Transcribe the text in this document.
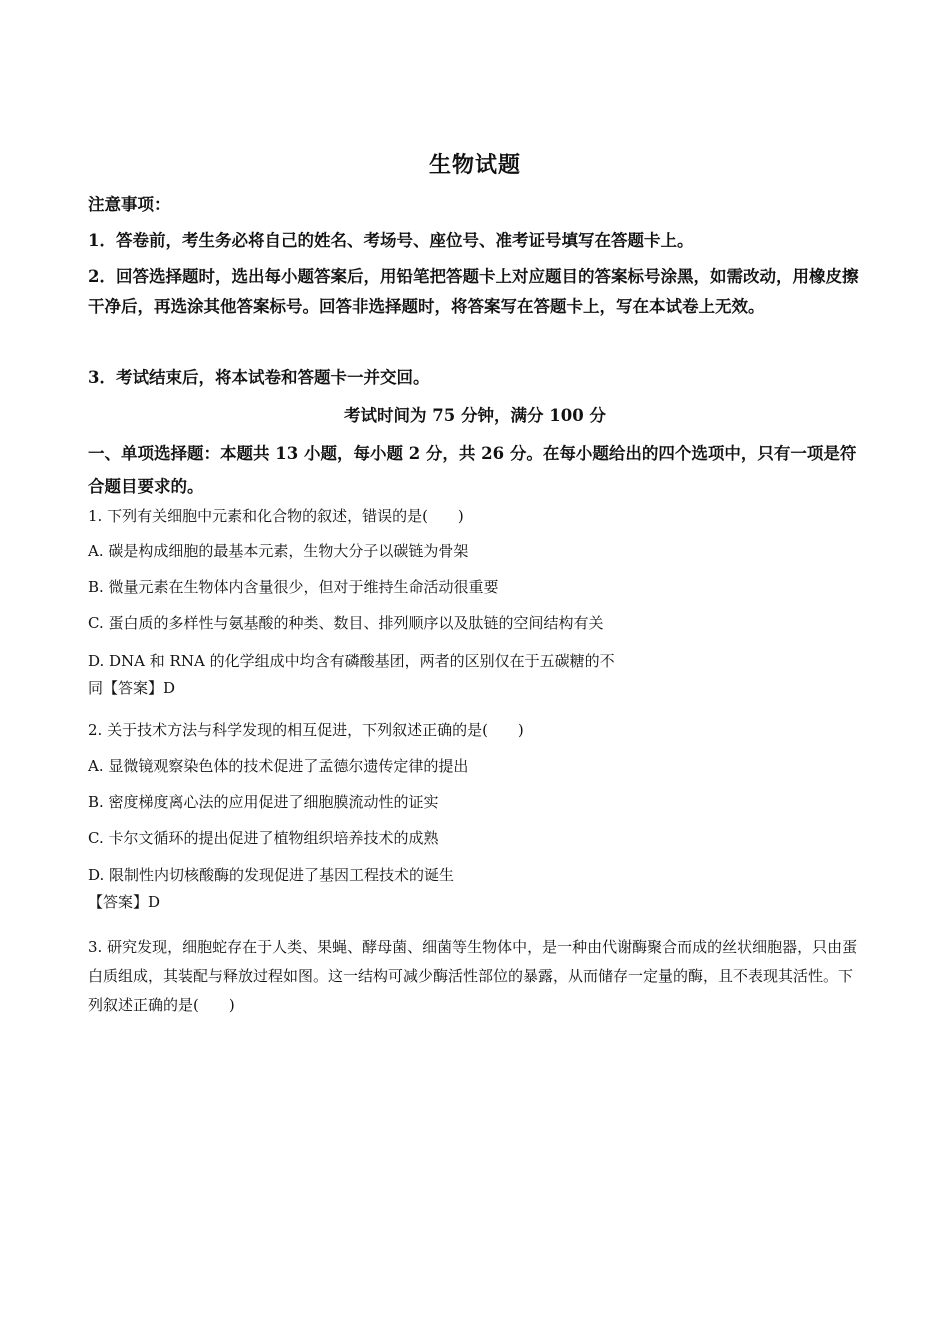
生物试题
注意事项：
1．答卷前，考生务必将自己的姓名、考场号、座位号、准考证号填写在答题卡上。
2．回答选择题时，选出每小题答案后，用铅笔把答题卡上对应题目的答案标号涂黑，如需改动，用橡皮擦干净后，再选涂其他答案标号。回答非选择题时，将答案写在答题卡上，写在本试卷上无效。
3．考试结束后，将本试卷和答题卡一并交回。
考试时间为 75 分钟，满分 100 分
一、单项选择题：本题共 13 小题，每小题 2 分，共 26 分。在每小题给出的四个选项中，只有一项是符合题目要求的。
1. 下列有关细胞中元素和化合物的叙述，错误的是(　　)
A. 碳是构成细胞的最基本元素，生物大分子以碳链为骨架
B. 微量元素在生物体内含量很少，但对于维持生命活动很重要
C. 蛋白质的多样性与氨基酸的种类、数目、排列顺序以及肽链的空间结构有关
D. DNA 和 RNA 的化学组成中均含有磷酸基团，两者的区别仅在于五碳糖的不
同【答案】D
2. 关于技术方法与科学发现的相互促进，下列叙述正确的是(　　)
A. 显微镜观察染色体的技术促进了孟德尔遗传定律的提出
B. 密度梯度离心法的应用促进了细胞膜流动性的证实
C. 卡尔文循环的提出促进了植物组织培养技术的成熟
D. 限制性内切核酸酶的发现促进了基因工程技术的诞生
【答案】D
3. 研究发现，细胞蛇存在于人类、果蝇、酵母菌、细菌等生物体中，是一种由代谢酶聚合而成的丝状细胞器，只由蛋白质组成，其装配与释放过程如图。这一结构可减少酶活性部位的暴露，从而储存一定量的酶，且不表现其活性。下列叙述正确的是(　　)
